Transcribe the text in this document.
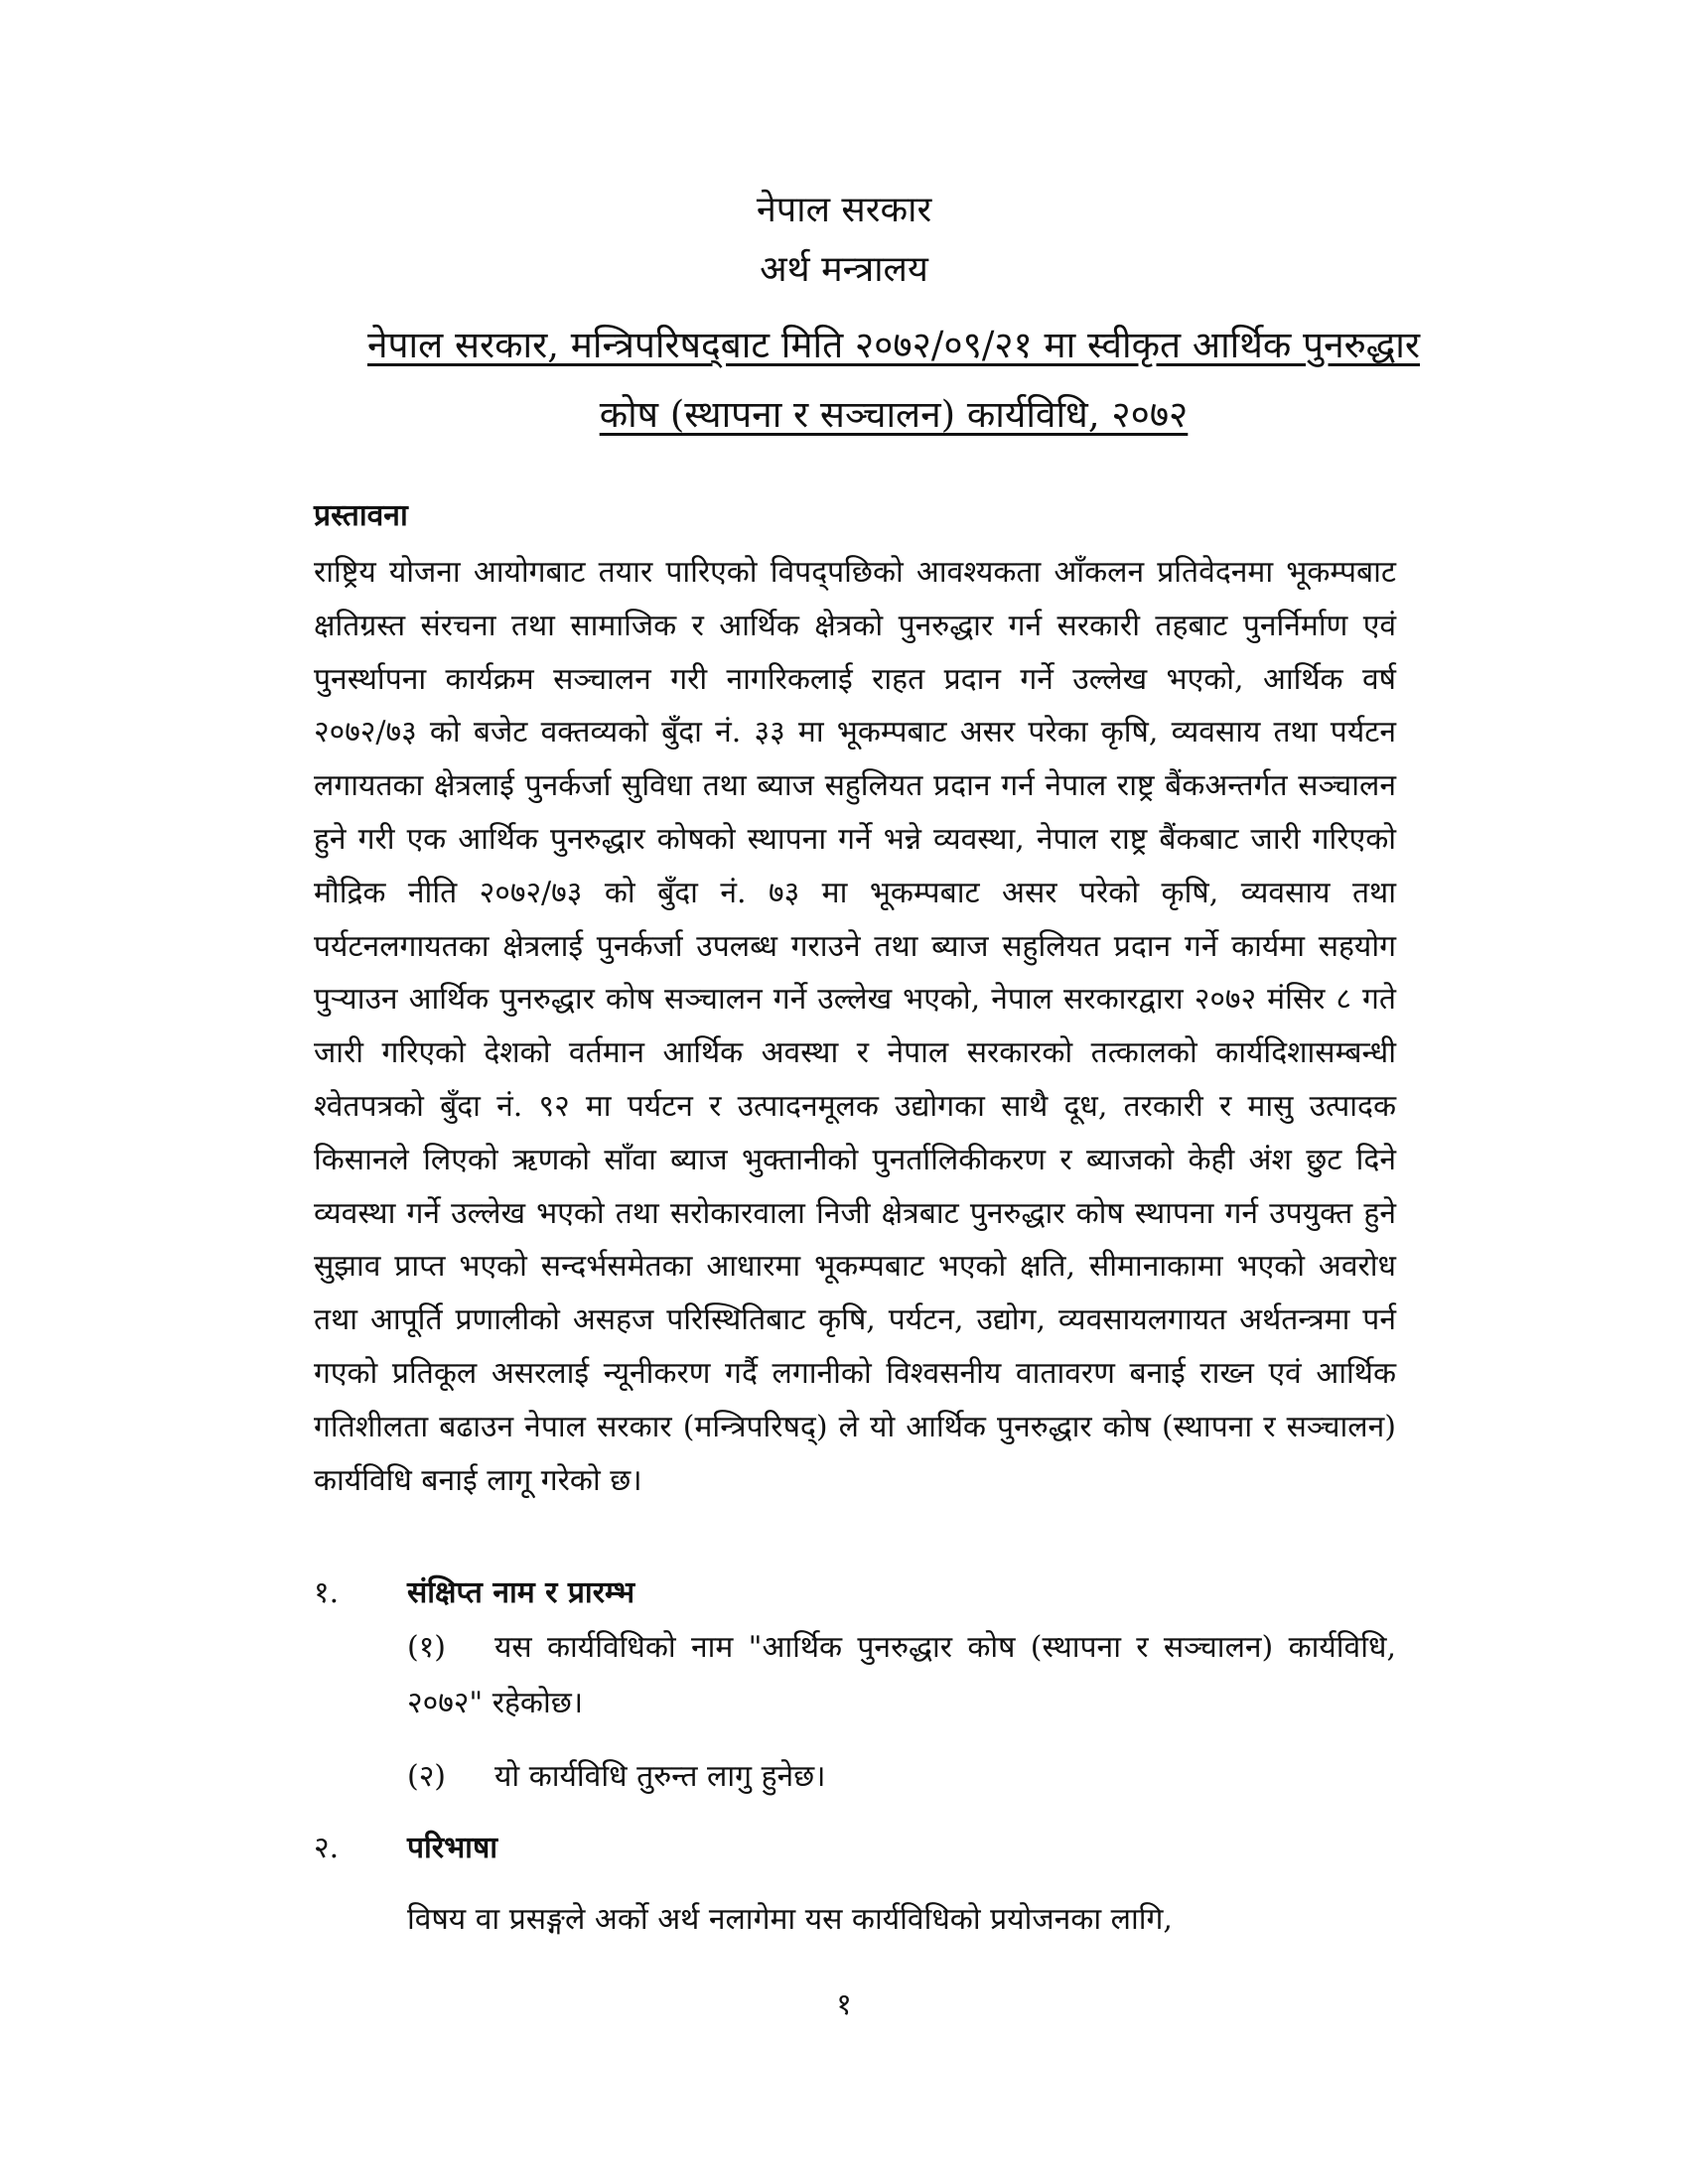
नेपाल सरकार
अर्थ मन्त्रालय
नेपाल सरकार, मन्त्रिपरिषद्‌बाट मिति २०७२/०९/२१ मा स्वीकृत आर्थिक पुनरुद्धार
कोष (स्थापना र सञ्चालन) कार्यविधि, २०७२
प्रस्तावना

राष्ट्रिय योजना आयोगबाट तयार पारिएको विपद्‌पछिको आवश्यकता आँकलन प्रतिवेदनमा भूकम्पबाट क्षतिग्रस्त संरचना तथा सामाजिक र आर्थिक क्षेत्रको पुनरुद्धार गर्न सरकारी तहबाट पुनर्निर्माण एवं पुनर्स्थापना कार्यक्रम सञ्चालन गरी नागरिकलाई राहत प्रदान गर्ने उल्लेख भएको, आर्थिक वर्ष २०७२/७३ को बजेट वक्तव्यको बुँदा नं. ३३ मा भूकम्पबाट असर परेका कृषि, व्यवसाय तथा पर्यटन लगायतका क्षेत्रलाई पुनर्कर्जा सुविधा तथा ब्याज सहुलियत प्रदान गर्न नेपाल राष्ट्र बैंकअन्तर्गत सञ्चालन हुने गरी एक आर्थिक पुनरुद्धार कोषको स्थापना गर्ने भन्ने व्यवस्था, नेपाल राष्ट्र बैंकबाट जारी गरिएको मौद्रिक नीति २०७२/७३ को बुँदा नं. ७३ मा भूकम्पबाट असर परेको कृषि, व्यवसाय तथा पर्यटनलगायतका क्षेत्रलाई पुनर्कर्जा उपलब्ध गराउने तथा ब्याज सहुलियत प्रदान गर्ने कार्यमा सहयोग पुऱ्याउन आर्थिक पुनरुद्धार कोष सञ्चालन गर्ने उल्लेख भएको, नेपाल सरकारद्वारा २०७२ मंसिर ८ गते जारी गरिएको देशको वर्तमान आर्थिक अवस्था र नेपाल सरकारको तत्कालको कार्यदिशासम्बन्धी श्वेतपत्रको बुँदा नं. ९२ मा पर्यटन र उत्पादनमूलक उद्योगका साथै दूध, तरकारी र मासु उत्पादक किसानले लिएको ऋणको साँवा ब्याज भुक्तानीको पुनर्तालिकीकरण र ब्याजको केही अंश छुट दिने व्यवस्था गर्ने उल्लेख भएको तथा सरोकारवाला निजी क्षेत्रबाट पुनरुद्धार कोष स्थापना गर्न उपयुक्त हुने सुझाव प्राप्त भएको सन्दर्भसमेतका आधारमा भूकम्पबाट भएको क्षति, सीमानाकामा भएको अवरोध तथा आपूर्ति प्रणालीको असहज परिस्थितिबाट कृषि, पर्यटन, उद्योग, व्यवसायलगायत अर्थतन्त्रमा पर्न गएको प्रतिकूल असरलाई न्यूनीकरण गर्दै लगानीको विश्वसनीय वातावरण बनाई राख्न एवं आर्थिक गतिशीलता बढाउन नेपाल सरकार (मन्त्रिपरिषद्) ले यो आर्थिक पुनरुद्धार कोष (स्थापना र सञ्चालन) कार्यविधि बनाई लागू गरेको छ।

१. संक्षिप्त नाम र प्रारम्भ

(१) यस कार्यविधिको नाम "आर्थिक पुनरुद्धार कोष (स्थापना र सञ्चालन) कार्यविधि, २०७२" रहेकोछ।

(२) यो कार्यविधि तुरुन्त लागु हुनेछ।

२. परिभाषा

विषय वा प्रसङ्गले अर्को अर्थ नलागेमा यस कार्यविधिको प्रयोजनका लागि,

१
